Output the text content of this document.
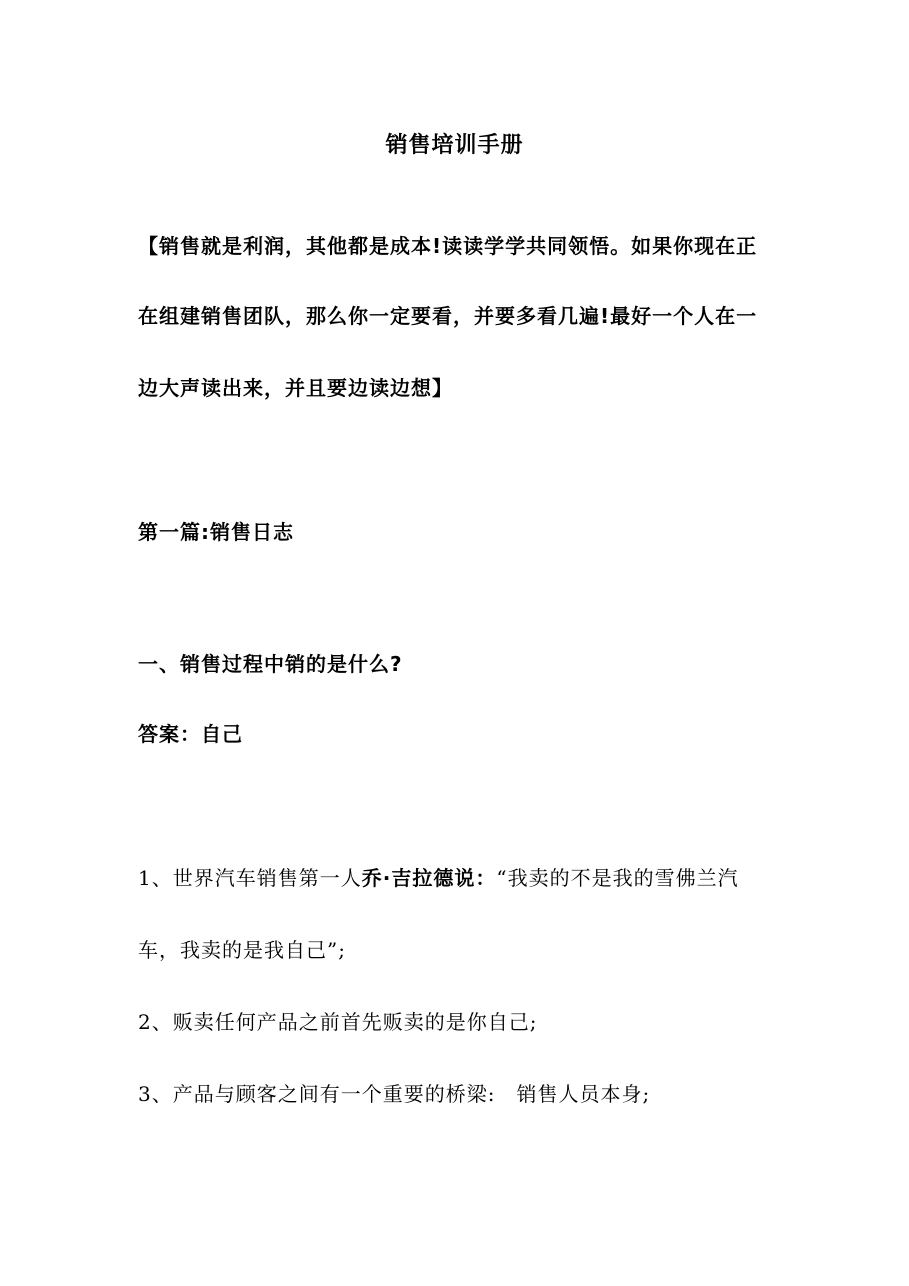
销售培训手册
【销售就是利润，其他都是成本!读读学学共同领悟。如果你现在正
在组建销售团队，那么你一定要看，并要多看几遍!最好一个人在一
边大声读出来，并且要边读边想】
第一篇:销售日志
一、销售过程中销的是什么?
答案：自己
1、世界汽车销售第一人乔·吉拉德说：“我卖的不是我的雪佛兰汽
车，我卖的是我自己”;
2、贩卖任何产品之前首先贩卖的是你自己;
3、产品与顾客之间有一个重要的桥梁:　销售人员本身;
